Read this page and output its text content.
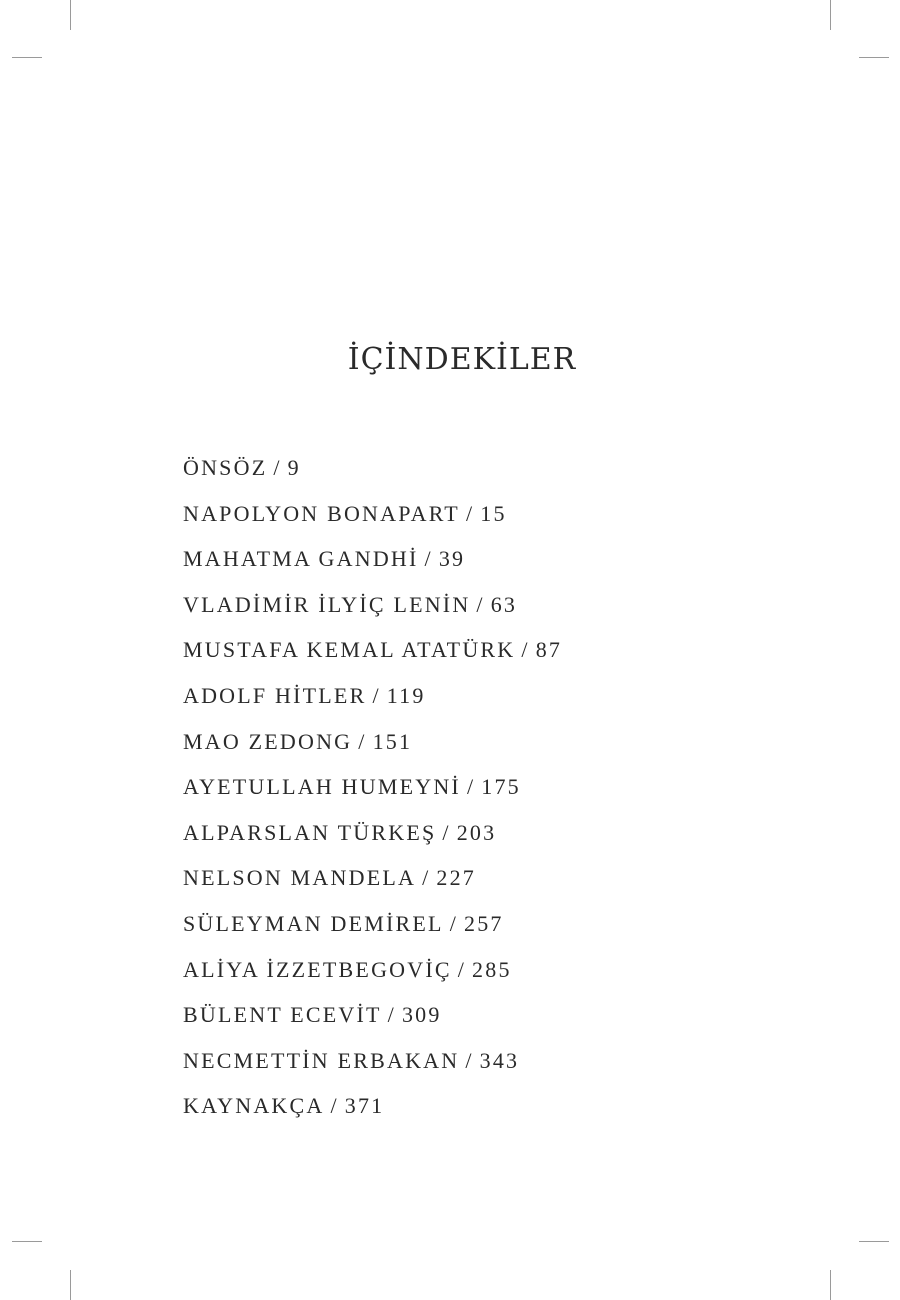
İÇİNDEKİLER
ÖNSÖZ / 9
NAPOLYON BONAPART / 15
MAHATMA GANDHİ / 39
VLADİMİR İLYİÇ LENİN / 63
MUSTAFA KEMAL ATATÜRK / 87
ADOLF HİTLER / 119
MAO ZEDONG / 151
AYETULLAH HUMEYNİ / 175
ALPARSLAN TÜRKEŞ / 203
NELSON MANDELA / 227
SÜLEYMAN DEMİREL / 257
ALİYA İZZETBEGOVİÇ / 285
BÜLENT ECEVİT / 309
NECMETTİN ERBAKAN / 343
KAYNAKÇA / 371
